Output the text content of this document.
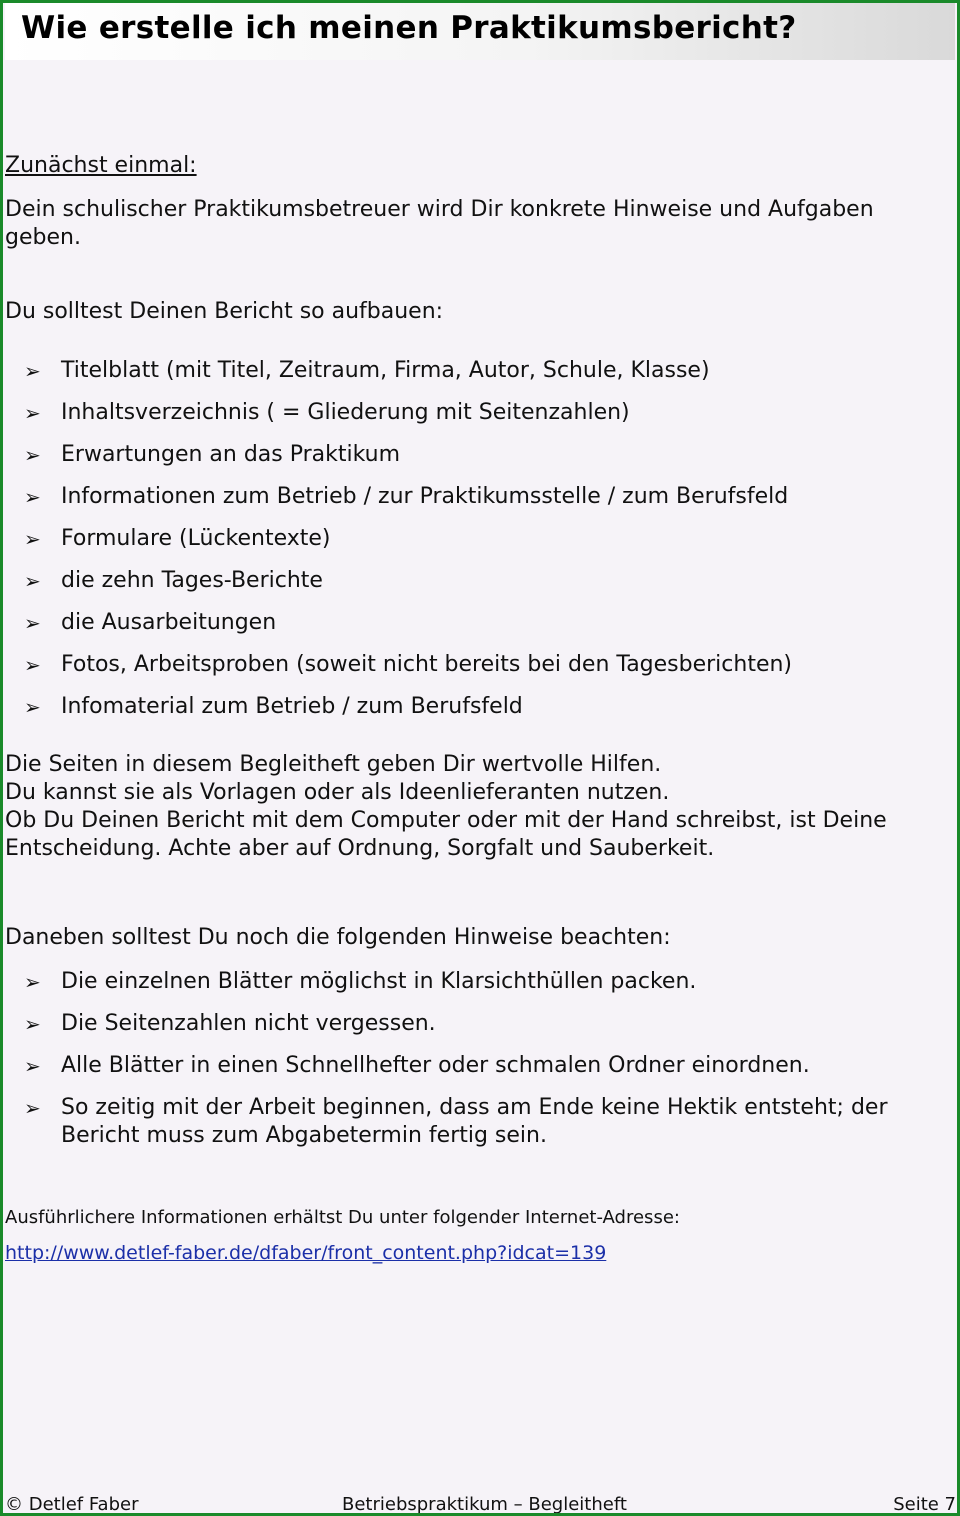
Wie erstelle ich meinen Praktikumsbericht?

Zunächst einmal:

Dein schulischer Praktikumsbetreuer wird Dir konkrete Hinweise und Aufgaben

geben.

Du solltest Deinen Bericht so aufbauen:

➢ Titelblatt (mit Titel, Zeitraum, Firma, Autor, Schule, Klasse)
➢ Inhaltsverzeichnis ( = Gliederung mit Seitenzahlen)
➢ Erwartungen an das Praktikum
➢ Informationen zum Betrieb / zur Praktikumsstelle / zum Berufsfeld
➢ Formulare (Lückentexte)
➢ die zehn Tages-Berichte
➢ die Ausarbeitungen
➢ Fotos, Arbeitsproben (soweit nicht bereits bei den Tagesberichten)
➢ Infomaterial zum Betrieb / zum Berufsfeld

Die Seiten in diesem Begleitheft geben Dir wertvolle Hilfen.

Du kannst sie als Vorlagen oder als Ideenlieferanten nutzen.

Ob Du Deinen Bericht mit dem Computer oder mit der Hand schreibst, ist Deine

Entscheidung. Achte aber auf Ordnung, Sorgfalt und Sauberkeit.

Daneben solltest Du noch die folgenden Hinweise beachten:

➢ Die einzelnen Blätter möglichst in Klarsichthüllen packen.
➢ Die Seitenzahlen nicht vergessen.
➢ Alle Blätter in einen Schnellhefter oder schmalen Ordner einordnen.
➢ So zeitig mit der Arbeit beginnen, dass am Ende keine Hektik entsteht; der
Bericht muss zum Abgabetermin fertig sein.
Ausführlichere Informationen erhältst Du unter folgender Internet-Adresse:
http://www.detlef-faber.de/dfaber/front_content.php?idcat=139
© Detlef Faber	Betriebspraktikum – Begleitheft	Seite 7
